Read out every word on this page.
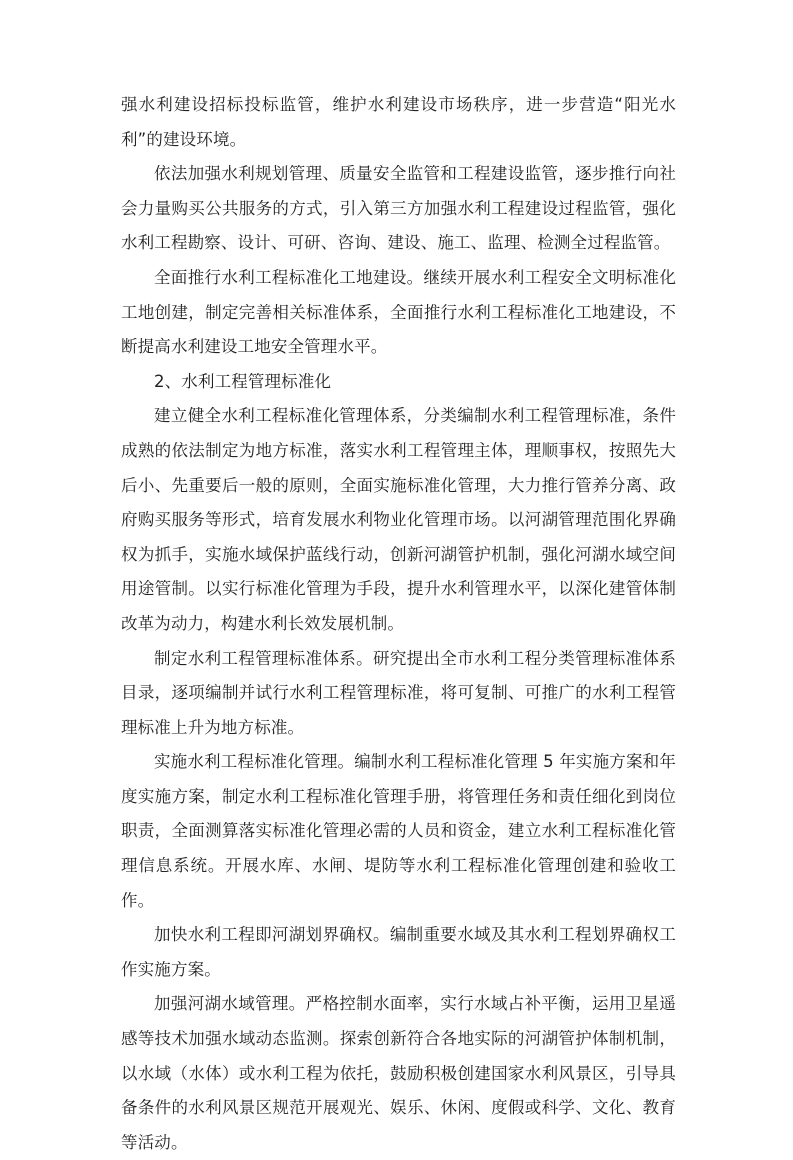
强水利建设招标投标监管，维护水利建设市场秩序，进一步营造“阳光水利”的建设环境。

依法加强水利规划管理、质量安全监管和工程建设监管，逐步推行向社会力量购买公共服务的方式，引入第三方加强水利工程建设过程监管，强化水利工程勘察、设计、可研、咨询、建设、施工、监理、检测全过程监管。

全面推行水利工程标准化工地建设。继续开展水利工程安全文明标准化工地创建，制定完善相关标准体系，全面推行水利工程标准化工地建设，不断提高水利建设工地安全管理水平。

2、水利工程管理标准化

建立健全水利工程标准化管理体系，分类编制水利工程管理标准，条件成熟的依法制定为地方标准，落实水利工程管理主体，理顺事权，按照先大后小、先重要后一般的原则，全面实施标准化管理，大力推行管养分离、政府购买服务等形式，培育发展水利物业化管理市场。以河湖管理范围化界确权为抓手，实施水域保护蓝线行动，创新河湖管护机制，强化河湖水域空间用途管制。以实行标准化管理为手段，提升水利管理水平，以深化建管体制改革为动力，构建水利长效发展机制。

制定水利工程管理标准体系。研究提出全市水利工程分类管理标准体系目录，逐项编制并试行水利工程管理标准，将可复制、可推广的水利工程管理标准上升为地方标准。

实施水利工程标准化管理。编制水利工程标准化管理 5 年实施方案和年度实施方案，制定水利工程标准化管理手册，将管理任务和责任细化到岗位职责，全面测算落实标准化管理必需的人员和资金，建立水利工程标准化管理信息系统。开展水库、水闸、堤防等水利工程标准化管理创建和验收工作。

加快水利工程即河湖划界确权。编制重要水域及其水利工程划界确权工作实施方案。

加强河湖水域管理。严格控制水面率，实行水域占补平衡，运用卫星遥感等技术加强水域动态监测。探索创新符合各地实际的河湖管护体制机制，以水域（水体）或水利工程为依托，鼓励积极创建国家水利风景区，引导具备条件的水利风景区规范开展观光、娱乐、休闲、度假或科学、文化、教育等活动。
